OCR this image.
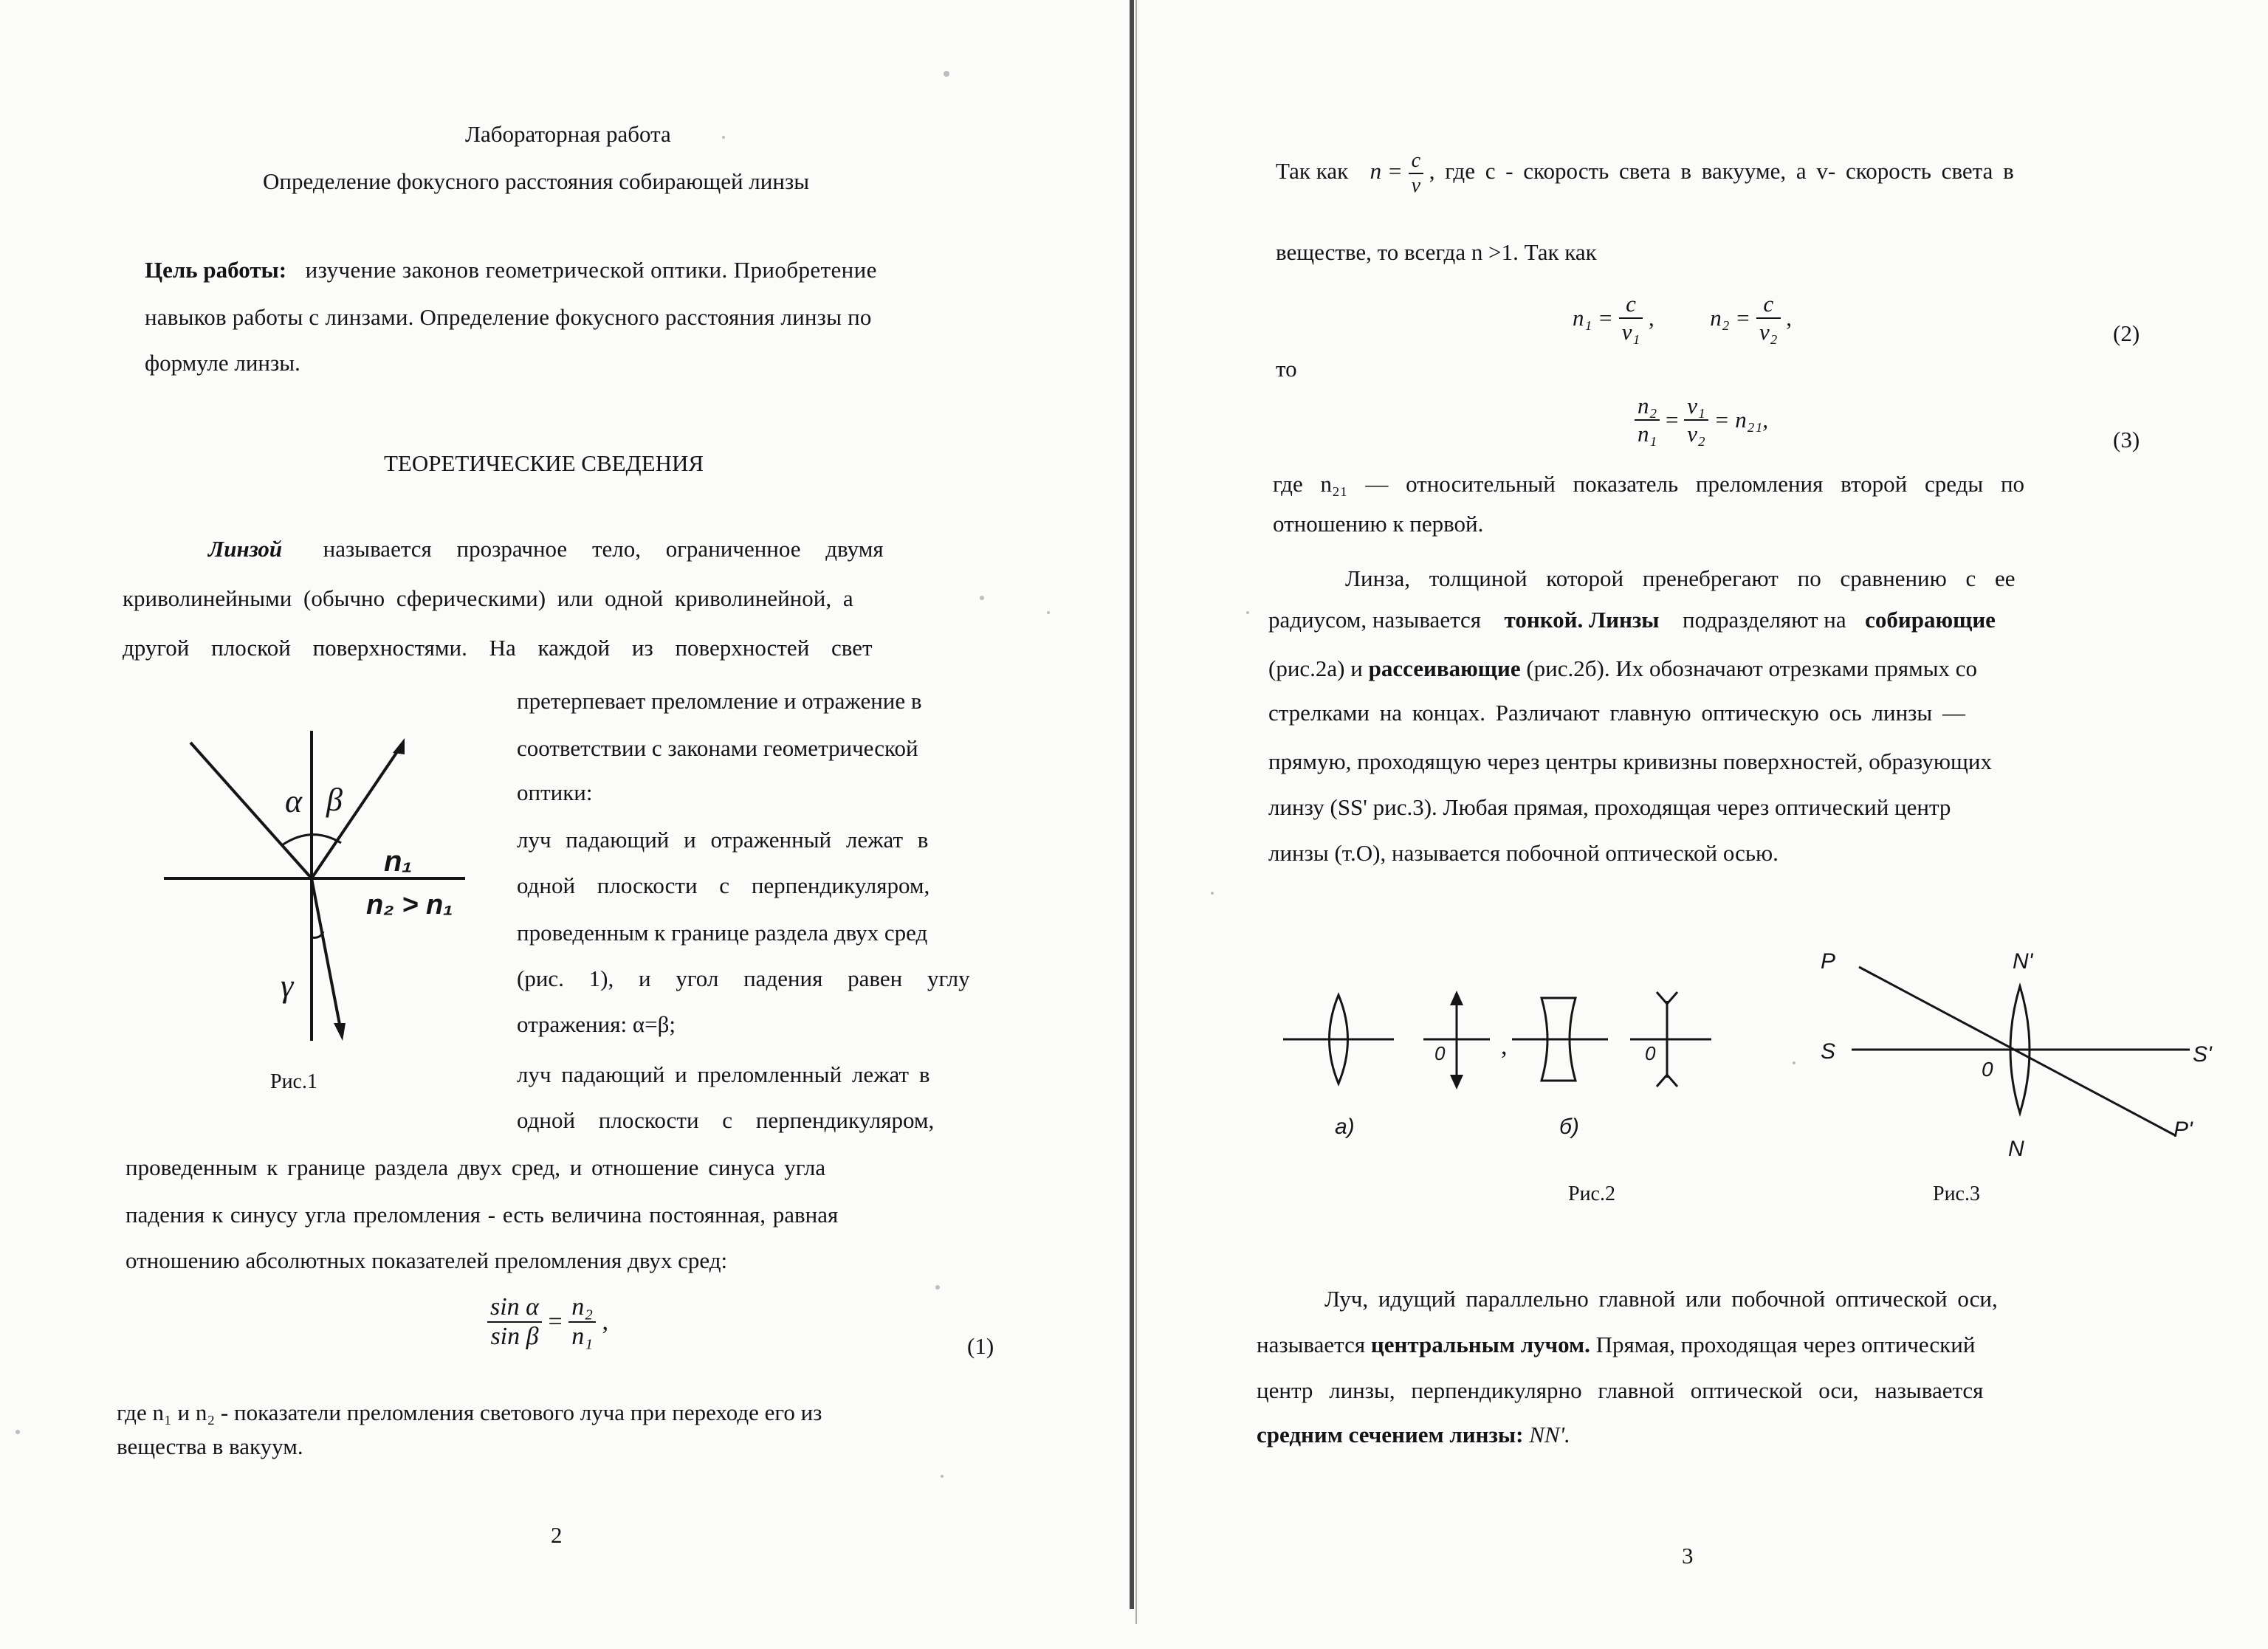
Лабораторная работа
Определение фокусного расстояния собирающей линзы
Цель работы: изучение законов геометрической оптики. Приобретение
навыков работы с линзами. Определение фокусного расстояния линзы по
формуле линзы.
ТЕОРЕТИЧЕСКИЕ СВЕДЕНИЯ
Линзой называется прозрачное тело, ограниченное двумя
криволинейными (обычно сферическими) или одной криволинейной, а
другой плоской поверхностями. На каждой из поверхностей свет
α β
γ
n₁
n₂ > n₁
Рис.1
претерпевает преломление и отражение в
соответствии с законами геометрической
оптики:
луч падающий и отраженный лежат в
одной плоскости с перпендикуляром,
проведенным к границе раздела двух сред
(рис. 1), и угол падения равен углу
отражения: α=β;
луч падающий и преломленный лежат в
одной плоскости с перпендикуляром,
проведенным к границе раздела двух сред, и отношение синуса угла
падения к синусу угла преломления - есть величина постоянная, равная
отношению абсолютных показателей преломления двух сред:
$\frac{\text{sin α}}{\text{sin β}} = \frac{\text{n₂}}{\text{n₁}}$ ,
(1)
где n₁ и n₂ - показатели преломления светового луча при переходе его из
вещества в вакуум.
2
Так как $n = \frac{c}{v}$ , где c - скорость света в вакууме, а v- скорость света в
веществе, то всегда n >1. Так как
$n_1 = \frac{c}{\text{v₁}}$ , $n_2 = \frac{c}{\text{v₂}}$ ,
(2)
то
$\frac{\text{n₂}}{\text{n₁}} = \frac{\text{v₁}}{\text{v₂}} = n_{21}$,
(3)
где n₂₁ — относительный показатель преломления второй среды по
отношению к первой.
Линза, толщиной которой пренебрегают по сравнению с ее
радиусом, называется тонкой. Линзы подразделяют на собирающие
(рис.2а) и рассеивающие (рис.2б). Их обозначают отрезками прямых со
стрелками на концах. Различают главную оптическую ось линзы —
прямую, проходящую через центры кривизны поверхностей, образующих
линзу (SS' рис.3). Любая прямая, проходящая через оптический центр
линзы (т.O), называется побочной оптической осью.
0 ,	0
a)	б)
Рис.2
P
P'
S	S'
N'
N
0
Рис.3
Луч, идущий параллельно главной или побочной оптической оси,
называется центральным лучом. Прямая, проходящая через оптический
центр линзы, перпендикулярно главной оптической оси, называется
средним сечением линзы: NN'.
3
